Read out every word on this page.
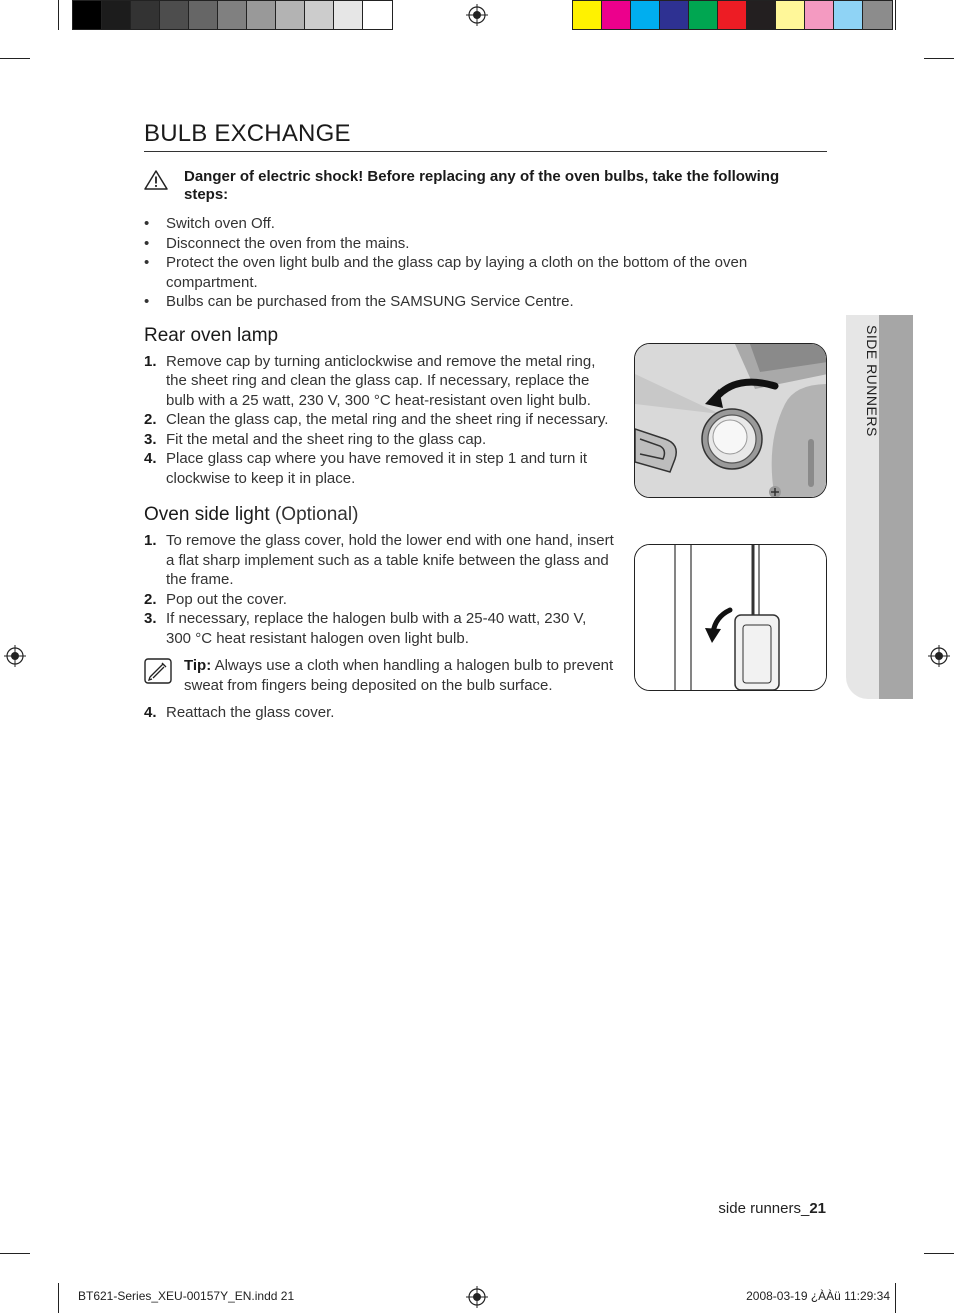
BULB EXCHANGE
Danger of electric shock! Before replacing any of the oven bulbs, take the following steps:
• Switch oven Off.
• Disconnect the oven from the mains.
• Protect the oven light bulb and the glass cap by laying a cloth on the bottom of the oven compartment.
• Bulbs can be purchased from the SAMSUNG Service Centre.
Rear oven lamp
1. Remove cap by turning anticlockwise and remove the metal ring, the sheet ring and clean the glass cap. If necessary, replace the bulb with a 25 watt, 230 V, 300 °C heat-resistant oven light bulb.
2. Clean the glass cap, the metal ring and the sheet ring if necessary.
3. Fit the metal and the sheet ring to the glass cap.
4. Place glass cap where you have removed it in step 1 and turn it clockwise to keep it in place.
Oven side light (Optional)
1. To remove the glass cover, hold the lower end with one hand, insert a flat sharp implement such as a table knife between the glass and the frame.
2. Pop out the cover.
3. If necessary, replace the halogen bulb with a 25-40 watt, 230 V, 300 °C heat resistant halogen oven light bulb.
Tip: Always use a cloth when handling a halogen bulb to prevent sweat from fingers being deposited on the bulb surface.
4. Reattach the glass cover.
SIDE RUNNERS
side runners_21
BT621-Series_XEU-00157Y_EN.indd 21	2008-03-19 ¿ÀÀü 11:29:34
